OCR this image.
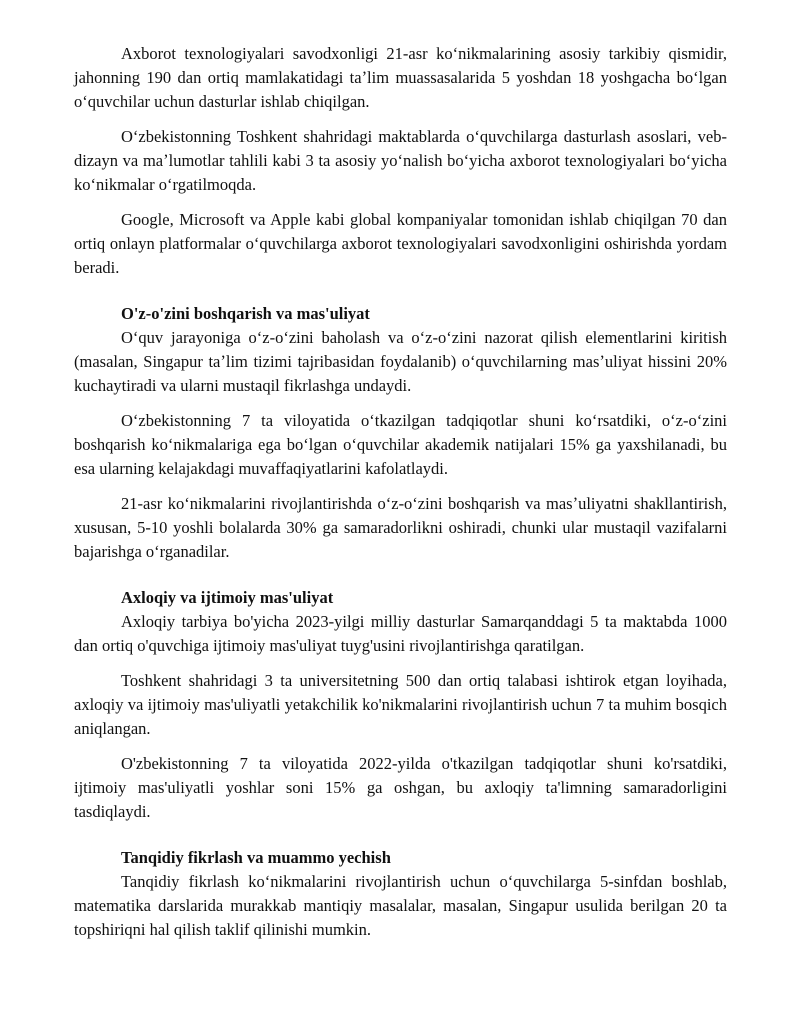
Axborot texnologiyalari savodxonligi 21-asr koʻnikmalarining asosiy tarkibiy qismidir, jahonning 190 dan ortiq mamlakatidagi taʼlim muassasalarida 5 yoshdan 18 yoshgacha boʻlgan oʻquvchilar uchun dasturlar ishlab chiqilgan.

Oʻzbekistonning Toshkent shahridagi maktablarda oʻquvchilarga dasturlash asoslari, veb-dizayn va maʼlumotlar tahlili kabi 3 ta asosiy yoʻnalish boʻyicha axborot texnologiyalari boʻyicha koʻnikmalar oʻrgatilmoqda.

Google, Microsoft va Apple kabi global kompaniyalar tomonidan ishlab chiqilgan 70 dan ortiq onlayn platformalar oʻquvchilarga axborot texnologiyalari savodxonligini oshirishda yordam beradi.

O'z-o'zini boshqarish va mas'uliyat

Oʻquv jarayoniga oʻz-oʻzini baholash va oʻz-oʻzini nazorat qilish elementlarini kiritish (masalan, Singapur taʼlim tizimi tajribasidan foydalanib) oʻquvchilarning masʼuliyat hissini 20% kuchaytiradi va ularni mustaqil fikrlashga undaydi.

Oʻzbekistonning 7 ta viloyatida oʻtkazilgan tadqiqotlar shuni koʻrsatdiki, oʻz-oʻzini boshqarish koʻnikmalariga ega boʻlgan oʻquvchilar akademik natijalari 15% ga yaxshilanadi, bu esa ularning kelajakdagi muvaffaqiyatlarini kafolatlaydi.

21-asr koʻnikmalarini rivojlantirishda oʻz-oʻzini boshqarish va masʼuliyatni shakllantirish, xususan, 5-10 yoshli bolalarda 30% ga samaradorlikni oshiradi, chunki ular mustaqil vazifalarni bajarishga oʻrganadilar.

Axloqiy va ijtimoiy mas'uliyat

Axloqiy tarbiya bo'yicha 2023-yilgi milliy dasturlar Samarqanddagi 5 ta maktabda 1000 dan ortiq o'quvchiga ijtimoiy mas'uliyat tuyg'usini rivojlantirishga qaratilgan.

Toshkent shahridagi 3 ta universitetning 500 dan ortiq talabasi ishtirok etgan loyihada, axloqiy va ijtimoiy mas'uliyatli yetakchilik ko'nikmalarini rivojlantirish uchun 7 ta muhim bosqich aniqlangan.

O'zbekistonning 7 ta viloyatida 2022-yilda o'tkazilgan tadqiqotlar shuni ko'rsatdiki, ijtimoiy mas'uliyatli yoshlar soni 15% ga oshgan, bu axloqiy ta'limning samaradorligini tasdiqlaydi.

Tanqidiy fikrlash va muammo yechish

Tanqidiy fikrlash koʻnikmalarini rivojlantirish uchun oʻquvchilarga 5-sinfdan boshlab, matematika darslarida murakkab mantiqiy masalalar, masalan, Singapur usulida berilgan 20 ta topshiriqni hal qilish taklif qilinishi mumkin.
